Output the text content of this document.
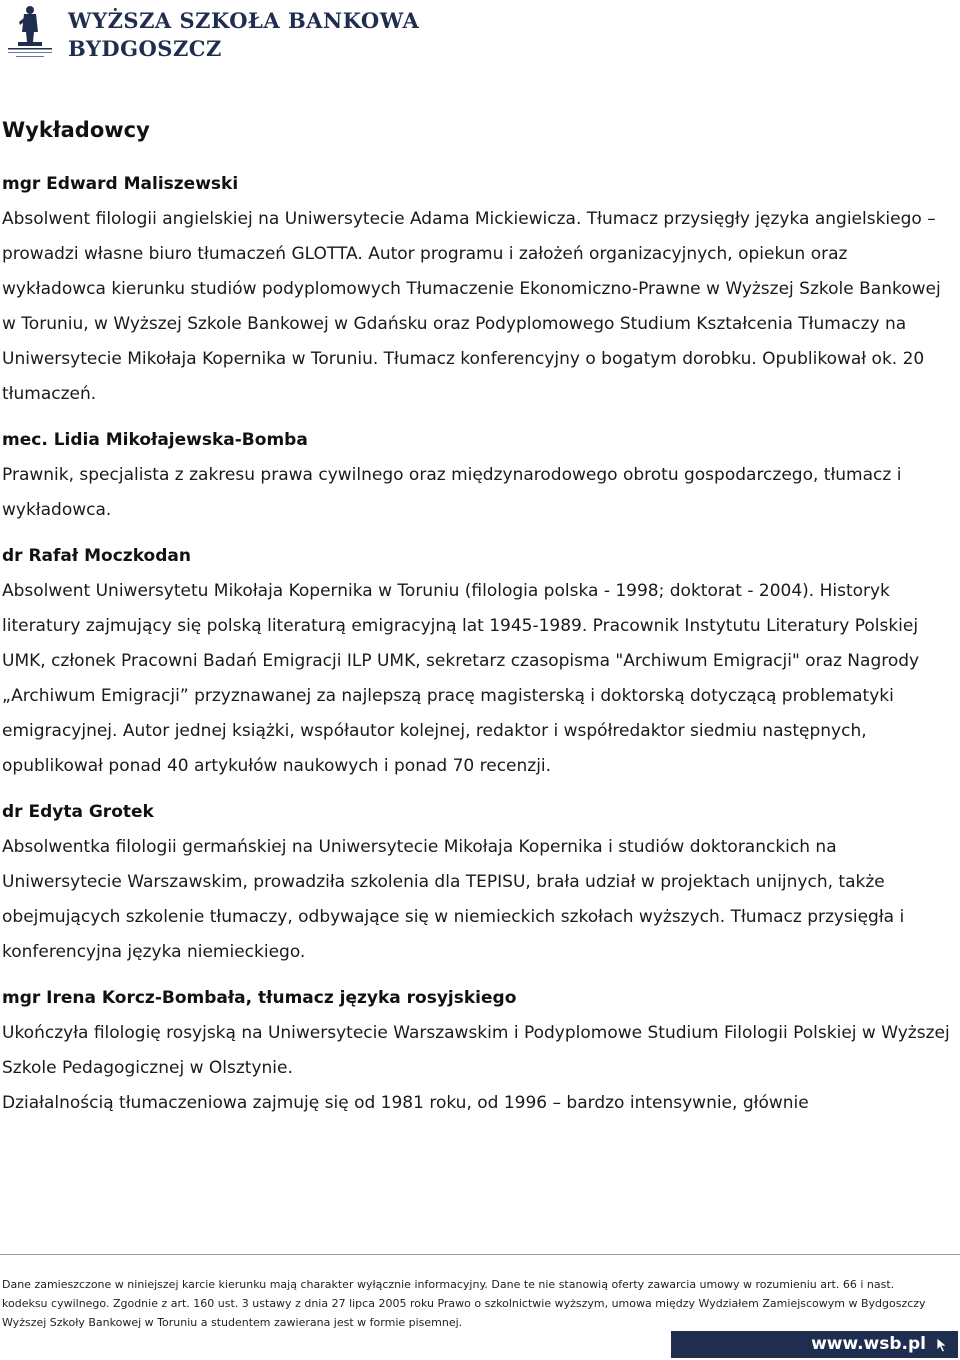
WYŻSZA SZKOŁA BANKOWA
BYDGOSZCZ
Wykładowcy

mgr Edward Maliszewski

Absolwent filologii angielskiej na Uniwersytecie Adama Mickiewicza. Tłumacz przysięgły języka angielskiego – prowadzi własne biuro tłumaczeń GLOTTA. Autor programu i założeń organizacyjnych, opiekun oraz wykładowca kierunku studiów podyplomowych Tłumaczenie Ekonomiczno-Prawne w Wyższej Szkole Bankowej w Toruniu, w Wyższej Szkole Bankowej w Gdańsku oraz Podyplomowego Studium Kształcenia Tłumaczy na Uniwersytecie Mikołaja Kopernika w Toruniu. Tłumacz konferencyjny o bogatym dorobku. Opublikował ok. 20 tłumaczeń.

mec. Lidia Mikołajewska-Bomba

Prawnik, specjalista z zakresu prawa cywilnego oraz międzynarodowego obrotu gospodarczego, tłumacz i wykładowca.

dr Rafał Moczkodan

Absolwent Uniwersytetu Mikołaja Kopernika w Toruniu (filologia polska - 1998; doktorat - 2004). Historyk literatury zajmujący się polską literaturą emigracyjną lat 1945-1989. Pracownik Instytutu Literatury Polskiej UMK, członek Pracowni Badań Emigracji ILP UMK, sekretarz czasopisma "Archiwum Emigracji" oraz Nagrody „Archiwum Emigracji” przyznawanej za najlepszą pracę magisterską i doktorską dotyczącą problematyki emigracyjnej. Autor jednej książki, współautor kolejnej, redaktor i współredaktor siedmiu następnych, opublikował ponad 40 artykułów naukowych i ponad 70 recenzji.

dr Edyta Grotek

Absolwentka filologii germańskiej na Uniwersytecie Mikołaja Kopernika i studiów doktoranckich na Uniwersytecie Warszawskim, prowadziła szkolenia dla TEPISU, brała udział w projektach unijnych, także obejmujących szkolenie tłumaczy, odbywające się w niemieckich szkołach wyższych. Tłumacz przysięgła i konferencyjna języka niemieckiego.

mgr Irena Korcz-Bombała, tłumacz języka rosyjskiego

Ukończyła filologię rosyjską na Uniwersytecie Warszawskim i Podyplomowe Studium Filologii Polskiej w Wyższej Szkole Pedagogicznej w Olsztynie.
Działalnością tłumaczeniowa zajmuję się od 1981 roku, od 1996 – bardzo intensywnie, głównie

Dane zamieszczone w niniejszej karcie kierunku mają charakter wyłącznie informacyjny. Dane te nie stanowią oferty zawarcia umowy w rozumieniu art. 66 i nast. kodeksu cywilnego. Zgodnie z art. 160 ust. 3 ustawy z dnia 27 lipca 2005 roku Prawo o szkolnictwie wyższym, umowa między Wydziałem Zamiejscowym w Bydgoszczy Wyższej Szkoły Bankowej w Toruniu a studentem zawierana jest w formie pisemnej.
www.wsb.pl
